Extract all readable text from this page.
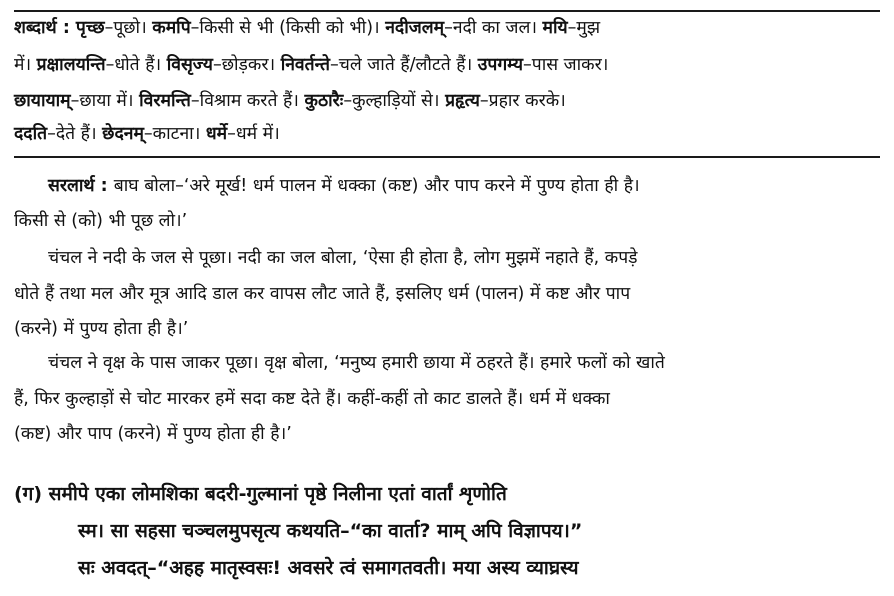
शब्दार्थ : पृच्छ–पूछो। कमपि–किसी से भी (किसी को भी)। नदीजलम्–नदी का जल। मयि–मुझ
में। प्रक्षालयन्ति–धोते हैं। विसृज्य–छोड़कर। निवर्तन्ते–चले जाते हैं/लौटते हैं। उपगम्य–पास जाकर।
छायायाम्–छाया में। विरमन्ति–विश्राम करते हैं। कुठारैः–कुल्हाड़ियों से। प्रहृत्य–प्रहार करके।
ददति–देते हैं। छेदनम्–काटना। धर्मे–धर्म में।
सरलार्थ : बाघ बोला–‘अरे मूर्ख! धर्म पालन में धक्का (कष्ट) और पाप करने में पुण्य होता ही है।
किसी से (को) भी पूछ लो।’
चंचल ने नदी के जल से पूछा। नदी का जल बोला, ‘ऐसा ही होता है, लोग मुझमें नहाते हैं, कपड़े
धोते हैं तथा मल और मूत्र आदि डाल कर वापस लौट जाते हैं, इसलिए धर्म (पालन) में कष्ट और पाप
(करने) में पुण्य होता ही है।’
चंचल ने वृक्ष के पास जाकर पूछा। वृक्ष बोला, ‘मनुष्य हमारी छाया में ठहरते हैं। हमारे फलों को खाते
हैं, फिर कुल्हाड़ों से चोट मारकर हमें सदा कष्ट देते हैं। कहीं-कहीं तो काट डालते हैं। धर्म में धक्का
(कष्ट) और पाप (करने) में पुण्य होता ही है।’
(ग) समीपे एका लोमशिका बदरी-गुल्मानां पृष्ठे निलीना एतां वार्तां शृणोति
स्म। सा सहसा चञ्चलमुपसृत्य कथयति–“का वार्ता? माम् अपि विज्ञापय।”
सः अवदत्–“अहह मातृस्वसः! अवसरे त्वं समागतवती। मया अस्य व्याघ्रस्य
